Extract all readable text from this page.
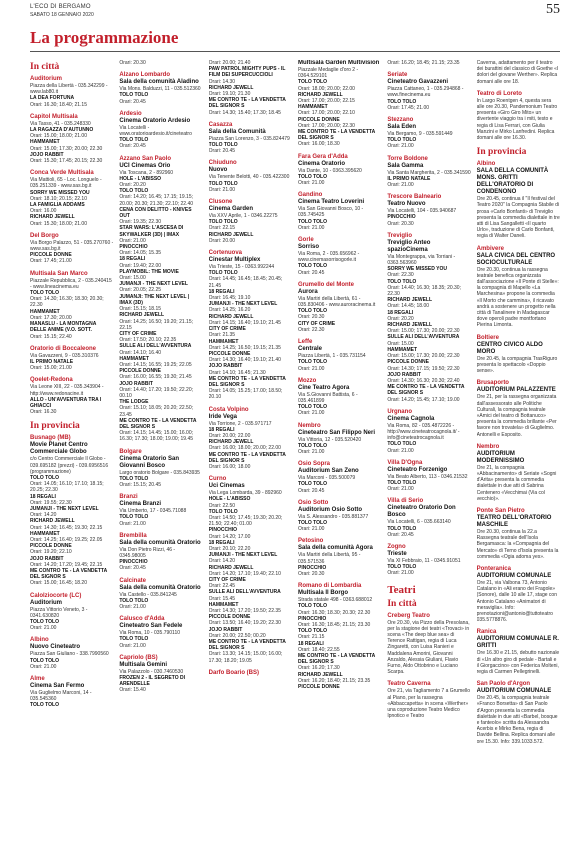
L'ECO DI BERGAMO
SABATO 18 GENNAIO 2020	55
La programmazione
In città
Auditorium
Piazza della Libertà - 035.342299 - www.lab80.it
LA DEA FORTUNA
Orari: 16.30; 18.40; 21.15
Capitol Multisala
Via Tasso, 41 - 035.248330
LA RAGAZZA D'AUTUNNO
Orari: 15.00; 18.00; 21.00
HAMMAMET
Orari: 15.00; 17.30; 20.00; 22.30
JOJO RABBIT
Orari: 15.30; 17.45; 20.15; 22.30
Conca Verde Multisala
Via Mattioli, 65 - Loc. Longuelo - 035.251339 - www.sas.bg.it
SORRY WE MISSED YOU
Orari: 18.10; 20.15; 22.10
LA FAMIGLIA ADDAMS
Orari: 16.00
RICHARD JEWELL
Orari: 15.30; 18.00; 21.00
Del Borgo
Via Borgo Palazzo, 51 - 035.270760 - www.sas.bg.it
PICCOLE DONNE
Orari: 17.45; 21.00
Multisala San Marco
Piazzale Repubblica, 2 - 035.240415 - www.lineacinema.eu
TOLO TOLO
Orari: 14.30; 16.30; 18.30; 20.30; 22.30
HAMMAMET
Orari: 17.30; 20.00
MANASLU - LA MONTAGNA DELLE ANIME (V.O. SOTT.
Orari: 15.15; 22.40
Oratorio di Boccaleone
Via Gavazzeni, 9 - 035.310376
IL PRIMO NATALE
Orari: 15.00; 21.00
Qoelet-Redona
Via Leone XIII, 22 - 035.343904 - http://www.redonacine.it
ALLO - UN'AVVENTURA TRA I GHIACCI
Orari: 16.30
In provincia
Busnago (MB)
Movie Planet Centro Commerciale Globo
c/o Centro Commerciale Il Globo - 039.695182 (prezzi) - 039.6956516 (programmazione)
TOLO TOLO
Orari: 14.05; 16.10; 17.10; 18.15; 20.25; 22.30
18 REGALI
Orari: 19.55; 22.30
JUMANJI - THE NEXT LEVEL
Orari: 14.20
RICHARD JEWELL
Orari: 14.30; 16.45; 19.30; 22.15
HAMMAMET
Orari: 14.25; 16.40; 19.25; 22.05
PICCOLE DONNE
Orari: 19.20; 22.10
JOJO RABBIT
Orari: 14.20; 17.20; 19.45; 22.15
ME CONTRO TE - LA VENDETTA DEL SIGNOR S
Orari: 15.00; 16.45; 18.20
Calolziocorte (LC)
Auditorium
Piazza Vittorio Veneto, 3 - 0341.630820
TOLO TOLO
Orari: 21.00
Albino
Nuovo Cineteatro
Piazza San Giuliano - 338.7990560
TOLO TOLO
Orari: 21.00
Alme
Cinema San Fermo
Via Guglielmo Marconi, 14 - 035.545360
TOLO TOLO
Orari: 20.30
Alzano Lombardo
Sala della comunità Aladino
Via Mons. Balduzzi, 11 - 035.512360
TOLO TOLO
Orari: 20.45
Ardesio
Cinema Oratorio Ardesio
Via Locatelli - www.oratorioardesio.it/cineteatro
TOLO TOLO
Orari: 20.45
Azzano San Paolo
UCI Cinemas Orio
Via Toscana, 2 - 892960
HOLE - L'ABISSO
Orari: 20.20
TOLO TOLO
Orari: 14.20; 16.45; 17.15; 19.15; 20.00; 20.30; 21.30; 22.10; 22.40
CENA CON DELITTO - KNIVES OUT
Orari: 19.35; 22.30
STAR WARS: L'ASCESA DI SKYWALKER (3D) | IMAX
Orari: 21.00
PINOCCHIO
Orari: 14.05; 15.35
18 REGALI
Orari: 19.40; 22.00
PLAYMOBIL: THE MOVIE
Orari: 15.00
JUMANJI - THE NEXT LEVEL
Orari: 20.05; 22.25
JUMANJI: THE NEXT LEVEL | IMAX (3D)
Orari: 15.15; 18.15
RICHARD JEWELL
Orari: 14.25; 16.50; 19.20; 21.15; 22.15
CITY OF CRIME
Orari: 17.50; 20.10; 22.35
SULLE ALI DELL'AVVENTURA
Orari: 14.10; 16.40
HAMMAMET
Orari: 14.15; 16.55; 19.25; 22.05
PICCOLE DONNE
Orari: 16.00; 16.55; 19.30; 21.45
JOJO RABBIT
Orari: 14.40; 17.20; 19.50; 22.20; 00.10
THE LODGE
Orari: 15.10; 18.05; 20.20; 22.50; 23.45
ME CONTRO TE - LA VENDETTA DEL SIGNOR S
Orari: 14.15; 14.45; 15.00; 16.00; 16.30; 17.30; 18.00; 19.00; 19.45
Bolgare
Cinema Oratorio San Giovanni Bosco
Largo oratorio Bolgare - 035.843935
TOLO TOLO
Orari: 15.15; 20.45
Branzi
Cinema Branzi
Via Umberto, 17 - 0345.71088
TOLO TOLO
Orari: 21.00
Brembilla
Sala della comunità Oratorio
Via Don Pietro Rizzi, 46 - 0345.98005
PINOCCHIO
Orari: 20.45
Calcinate
Sala della comunità Oratorio
Via Castello - 035.841245
TOLO TOLO
Orari: 21.00
Calusco d'Adda
Cineteatro San Fedele
Via Roma, 10 - 035.790110
TOLO TOLO
Orari: 21.00
Capriolo (BS)
Multisala Gemini
Via Palazzolo - 030.7460530
FROZEN 2 - IL SEGRETO DI ARENDELLE
Orari: 15.40
Orari: 20.00; 21.40
PAW PATROL MIGHTY PUPS - IL FILM DEI SUPERCUCCIOLI
Orari: 14.30
RICHARD JEWELL
Orari: 19.10; 21.30
ME CONTRO TE - LA VENDETTA DEL SIGNOR S
Orari: 14.30; 15.40; 17.30; 18.45
Casazza
Sala della Comunità
Piazza San Lorenzo, 3 - 035.824479
TOLO TOLO
Orari: 20.45
Chiuduno
Nuovo
Via Tenente Belotti, 40 - 035.422300
TOLO TOLO
Orari: 21.00
Clusone
Cinema Garden
Via XXV Aprile, 1 - 0346.22275
TOLO TOLO
Orari: 22.15
RICHARD JEWELL
Orari: 20.00
Cortenuova
Cinestar Multiplex
Via Trieste, 15 - 0363.992244
TOLO TOLO
Orari: 14.45; 16.45; 18.45; 20.45; 21.45
18 REGALI
Orari: 16.45; 19.10
JUMANJI - THE NEXT LEVEL
Orari: 14.25; 16.20
RICHARD JEWELL
Orari: 14.15; 16.40; 19.10; 21.45
CITY OF CRIME
Orari: 21.35
HAMMAMET
Orari: 14.25; 16.50; 19.15; 21.35
PICCOLE DONNE
Orari: 14.30; 16.40; 19.10; 21.40
JOJO RABBIT
Orari: 14.10; 16.45; 21.30
ME CONTRO TE - LA VENDETTA DEL SIGNOR S
Orari: 14.05; 15.25; 17.00; 18.50; 20.10
Costa Volpino
Iride Vega
Via Torrione, 2 - 035.971717
18 REGALI
Orari: 20.00; 22.00
RICHARD JEWELL
Orari: 16.00; 18.00; 20.00; 22.00
ME CONTRO TE - LA VENDETTA DEL SIGNOR S
Orari: 16.00; 18.00
Curno
Uci Cinemas
Via Lega Lombarda, 39 - 892960
HOLE - L'ABISSO
Orari: 22.50
TOLO TOLO
Orari: 14.50; 17.45; 19.30; 20.20; 21.50; 22.40; 01.00
PINOCCHIO
Orari: 14.20; 17.00
18 REGALI
Orari: 20.10; 22.20
JUMANJI - THE NEXT LEVEL
Orari: 14.20
RICHARD JEWELL
Orari: 14.20; 17.10; 19.40; 22.10
CITY OF CRIME
Orari: 22.45
SULLE ALI DELL'AVVENTURA
Orari: 15.45
HAMMAMET
Orari: 14.30; 17.20; 19.50; 22.35
PICCOLE DONNE
Orari: 13.50; 16.40; 19.20; 22.30
JOJO RABBIT
Orari: 20.00; 22.50; 00.20
ME CONTRO TE - LA VENDETTA DEL SIGNOR S
Orari: 13.30; 14.15; 15.00; 16.00; 17.30; 18.20; 19.05
Darfo Boario (BS)
Multisala Garden Multivision
Piazzale Medaglie d'oro 2 - 0364.529101
TOLO TOLO
Orari: 18.00; 20.00; 22.00
RICHARD JEWELL
Orari: 17.00; 20.00; 22.15
HAMMAMET
Orari: 17.00; 20.00; 22.10
PICCOLE DONNE
Orari: 17.00; 20.00; 22.30
ME CONTRO TE - LA VENDETTA DEL SIGNOR S
Orari: 16.00; 18.30
Fara Gera d'Adda
Cinema Oratorio
Via Dante, 10 - 0363.395620
TOLO TOLO
Orari: 21.00
Gandino
Cinema Teatro Loverini
Via San Giovanni Bosco, 10 - 035.745425
TOLO TOLO
Orari: 21.00
Gorle
Sorriso
Via Roma, 2 - 035.656962 - www.cinemasorrisogorle.it
TOLO TOLO
Orari: 20.45
Grumello del Monte
Aurora
Via Martiri della Libertà, 61 - 035.830406 - www.auroracinema.it
TOLO TOLO
Orari: 20.30
CITY OF CRIME
Orari: 22.30
Leffe
Centrale
Piazza Libertà, 1 - 035.731154
TOLO TOLO
Orari: 21.00
Mozzo
Cine Teatro Agora
Via S.Giovanni Battista, 6 - 035.461899
TOLO TOLO
Orari: 21.00
Nembro
Cineteatro San Filippo Neri
Via Vittoria, 12 - 035.520420
TOLO TOLO
Orari: 21.00
Osio Sopra
Auditorium San Zeno
Via Marconi - 035.500079
TOLO TOLO
Orari: 20.45
Osio Sotto
Auditorium Osio Sotto
Via S. Alessandro - 035.881377
TOLO TOLO
Orari: 21.00
Petosino
Sala della comunità Agora
Via Martiri della Libertà, 95 - 035.571536
PINOCCHIO
Orari: 20.30
Romano di Lombardia
Multisala Il Borgo
Strada statale 498 - 0363.688012
TOLO TOLO
Orari: 16.30; 18.30; 20.30; 22.30
PINOCCHIO
Orari: 16.30; 18.45; 21.15; 23.30
TOLO TOLO
Orari: 21.15
18 REGALI
Orari: 18.40; 22.55
ME CONTRO TE - LA VENDETTA DEL SIGNOR S
Orari: 16.20; 17.30
RICHARD JEWELL
Orari: 16.20; 18.40; 21.15; 23.35
PICCOLE DONNE
Orari: 16.20; 18.45; 21.15; 23.35
Seriate
Cineteatro Gavazzeni
Piazza Cattaneo, 1 - 035.294868 - www.finecinema.eu
TOLO TOLO
Orari: 17.45; 21.00
Stezzano
Sala Eden
Via Bergamo, 9 - 035.591449
TOLO TOLO
Orari: 21.00
Torre Boldone
Sala Gamma
Via Santa Margherita, 2 - 035.341590
IL PRIMO NATALE
Orari: 21.00
Trescore Balneario
Teatro Nuovo
Via Locatelli, 104 - 035.940687
PINOCCHIO
Orari: 20.30
Treviglio
Treviglio Anteo spazioCinema
Via Montegrappa, via Torriani - 0363.563960
SORRY WE MISSED YOU
Orari: 22.30
TOLO TOLO
Orari: 14.40; 16.30; 18.35; 20.30; 22.30
RICHARD JEWELL
Orari: 14.45; 18.00
18 REGALI
Orari: 20.20
RICHARD JEWELL
Orari: 15.00; 17.30; 20.00; 22.30
SULLE ALI DELL'AVVENTURA
Orari: 15.00
HAMMAMET
Orari: 15.00; 17.30; 20.00; 22.30
PICCOLE DONNE
Orari: 14.30; 17.15; 19.50; 22.30
JOJO RABBIT
Orari: 14.30; 16.30; 20.30; 22.40
ME CONTRO TE - LA VENDETTA DEL SIGNOR S
Orari: 14.20; 15.45; 17.10; 19.00
Urgnano
Cinema Cagnola
Via Roma, 82 - 035.4872226 - http://www.cineteatrocagnola.it/ - info@cineteatrocagnola.it
TOLO TOLO
Orari: 21.00
Villa D'Ogna
Cineteatro Forzenigo
Via Beato Alberto, 113 - 0346.21532
TOLO TOLO
Orari: 21.00
Villa di Serio
Cineteatro Oratorio Don Bosco
Via Locatelli, 6 - 035.663140
TOLO TOLO
Orari: 20.45
Zogno
Trieste
Via XI Febbraio, 11 - 0345.91051
TOLO TOLO
Orari: 21.00
Teatri
In città
Creberg Teatro
Ore 20.30, via Pizzo della Presolana, per la stagione dei teatri «Trovaci» in scena «The deep blue sea» di Terence Rattigan, regia di Luca Zingaretti, con Luisa Ranieri e Maddalena Amorini, Giovanni Anzaldo, Alessia Giuliani, Flavio Furno, Aldo Ottobrino e Luciano Scarpa.
Teatro Caverna
Ore 21, via Tagliamento 7 a Grumello al Piano, per la rassegna «Abbaccapetta» in scena «Werther» una coproduzione Teatro Medico Ipnotico e Teatro
Caverna, adattamento per il teatro dei burattini del classico di Goethe «I dolori del giovane Werther». Replica domani alle ore 18.
Teatro di Loreto
In Largo Roentgen 4, questa sera alle ore 20.30, Pandemonium Teatro presenta «Giro Giro Mito» un divertente viaggio tra i miti, testo e regia di Lisa Ferrari, con Giulia Manzini e Mirko Lanfredini. Replica domani alle ore 16.30.
In provincia
Albino
SALA DELLA COMUNITÀ MONS. GRITTI DELL'ORATORIO DI CONDENONO
Ore 20.45, continua il "Il festival del Teatro 2020" la Compagnia Stabile di prosa «Carlo Bonfanti» di Treviglio presenta la commedia dialettale in tre atti di Lisa Sangalletti «Il quarto Urlo», traduzione di Carlo Bonfanti, regia di Walter Daneli.
Ambivere
SALA CIVICA DEL CENTRO SOCIOCULTURALE
Ore 20.30, continua la rassegna teatrale benefica organizzata dall'associazione «Il Ponte di Stelle»: la compagnia di Mapello «La Marchesina» propone la commedia «Il Morto che cammina», il ricavato andrà a sostenere un progetto nella città di Tanalinere in Madagascar dove operoli padre montfortano Pierina Limonta.
Boltiere
CENTRO CIVICO ALDO MORO
Ore 20.45, la compagnia TrasRiguro presenta lo spettacolo «Doppio sense».
Brusaporto
AUDITORIUM PALAZZENTE
Ore 21, per la rassegna organizzata dall'assessorato alle Politiche Culturali, la compagnia teatrale «Amici del teatro di Bottanuco» presenta la commedia brillante «Per favore non trovatela» di Guglielmo. Antonelli e Esposito.
Nembro
AUDITORIUM MODERNISSIMO
Ore 21, la compagnia «Abbacinamento» di Seriate «Sogni d'Arita» presenta la commedia dialettale in due atti di Sabrina Centenero «Vecchimai (Via col vecchio)».
Ponte San Pietro
TEATRO DELL'ORATORIO MASCHILE
Ore 20.30, continua la 22.a Rassegna teatrale dell'Isola Bergamasca: la «Compagnia del Mercato» di Terno d'Isola presenta la commedia «Ogia adoma yes».
Ponteranica
AUDITORIUM COMUNALE
Ore 21, via Valbona 73, Antonio Catalano in «Ali erano dei Fragole» (Sonore), dalle 10 alle 17, stage con Antonio Catalano «Animatori di meraviglia». Info: prenotazioni@antonio@tuttoteatro 035.5778876.
Ranica
AUDITORIUM COMUNALE R. GRITTI
Ore 16.30 e 21.15, debutto nazionale di «Un altro giro di pedale - Bartali e il Giorgaccino» con Federica Molteni, regia di Carmen Pellegrinelli.
San Paolo d'Argon
AUDITORIUM COMUNALE
Ore 20.45, la compagnia teatrale «Franco Borsetta» di San Paolo d'Argon presenta la commedia dialettale in due atti «Barbel, bosque e fanteolo» scritta da Alessandra Acerbis e Mirko Bena, regia di Davide Bellina. Replica domani alle ore 15.30. Info: 339.1033.572.
